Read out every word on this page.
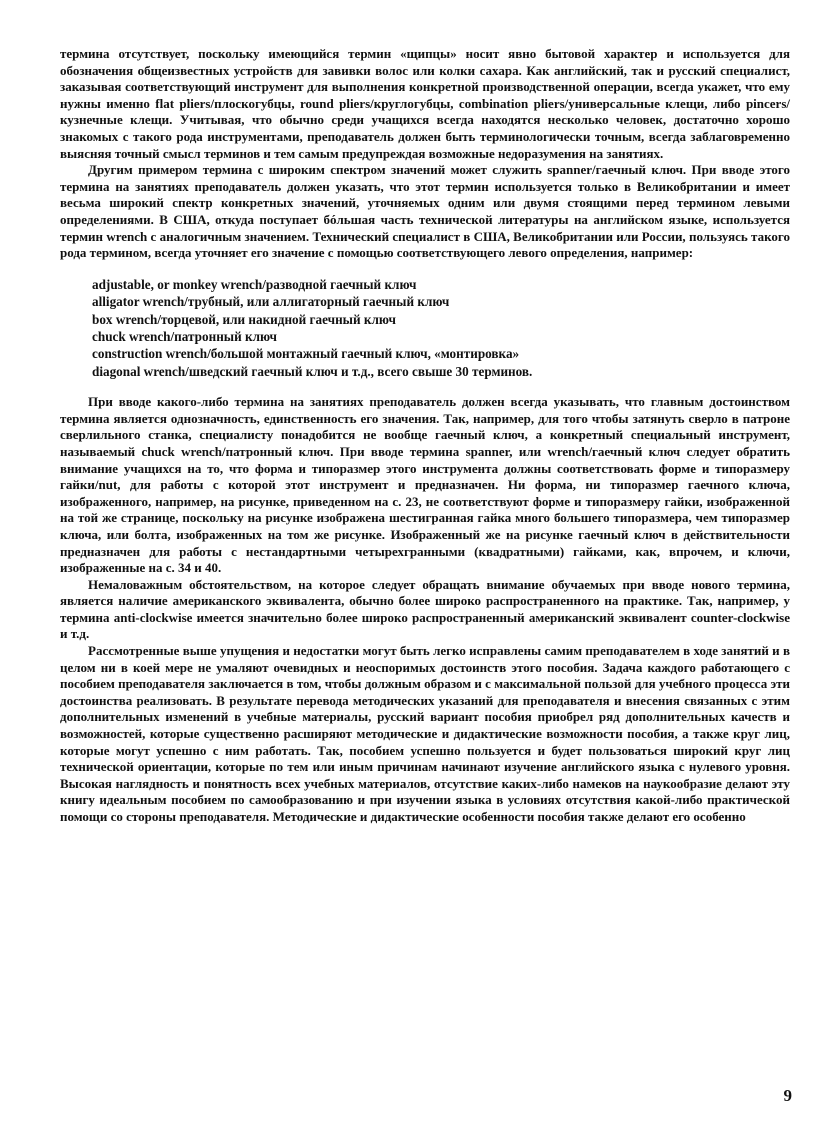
термина отсутствует, поскольку имеющийся термин «щипцы» носит явно бытовой характер и используется для обозначения общеизвестных устройств для завивки волос или колки сахара. Как английский, так и русский специалист, заказывая соответствующий инструмент для выполнения конкретной производственной операции, всегда укажет, что ему нужны именно flat pliers/плоскогубцы, round pliers/круглогубцы, combination pliers/универсальные клещи, либо pincers/кузнечные клещи. Учитывая, что обычно среди учащихся всегда находятся несколько человек, достаточно хорошо знакомых с такого рода инструментами, преподаватель должен быть терминологически точным, всегда заблаговременно выясняя точный смысл терминов и тем самым предупреждая возможные недоразумения на занятиях.

Другим примером термина с широким спектром значений может служить spanner/гаечный ключ. При вводе этого термина на занятиях преподаватель должен указать, что этот термин используется только в Великобритании и имеет весьма широкий спектр конкретных значений, уточняемых одним или двумя стоящими перед термином левыми определениями. В США, откуда поступает бóльшая часть технической литературы на английском языке, используется термин wrench с аналогичным значением. Технический специалист в США, Великобритании или России, пользуясь такого рода термином, всегда уточняет его значение с помощью соответствующего левого определения, например:

adjustable, or monkey wrench/разводной гаечный ключ
alligator wrench/трубный, или аллигаторный гаечный ключ
box wrench/торцевой, или накидной гаечный ключ
chuck wrench/патронный ключ
construction wrench/большой монтажный гаечный ключ, «монтировка»
diagonal wrench/шведский гаечный ключ и т.д., всего свыше 30 терминов.

При вводе какого-либо термина на занятиях преподаватель должен всегда указывать, что главным достоинством термина является однозначность, единственность его значения. Так, например, для того чтобы затянуть сверло в патроне сверлильного станка, специалисту понадобится не вообще гаечный ключ, а конкретный специальный инструмент, называемый chuck wrench/патронный ключ. При вводе термина spanner, или wrench/гаечный ключ следует обратить внимание учащихся на то, что форма и типоразмер этого инструмента должны соответствовать форме и типоразмеру гайки/nut, для работы с которой этот инструмент и предназначен. Ни форма, ни типоразмер гаечного ключа, изображенного, например, на рисунке, приведенном на с. 23, не соответствуют форме и типоразмеру гайки, изображенной на той же странице, поскольку на рисунке изображена шестигранная гайка много большего типоразмера, чем типоразмер ключа, или болта, изображенных на том же рисунке. Изображенный же на рисунке гаечный ключ в действительности предназначен для работы с нестандартными четырехгранными (квадратными) гайками, как, впрочем, и ключи, изображенные на с. 34 и 40.

Немаловажным обстоятельством, на которое следует обращать внимание обучаемых при вводе нового термина, является наличие американского эквивалента, обычно более широко распространенного на практике. Так, например, у термина anti-clockwise имеется значительно более широко распространенный американский эквивалент counter-clockwise и т.д.

Рассмотренные выше упущения и недостатки могут быть легко исправлены самим преподавателем в ходе занятий и в целом ни в коей мере не умаляют очевидных и неоспоримых достоинств этого пособия. Задача каждого работающего с пособием преподавателя заключается в том, чтобы должным образом и с максимальной пользой для учебного процесса эти достоинства реализовать. В результате перевода методических указаний для преподавателя и внесения связанных с этим дополнительных изменений в учебные материалы, русский вариант пособия приобрел ряд дополнительных качеств и возможностей, которые существенно расширяют методические и дидактические возможности пособия, а также круг лиц, которые могут успешно с ним работать. Так, пособием успешно пользуется и будет пользоваться широкий круг лиц технической ориентации, которые по тем или иным причинам начинают изучение английского языка с нулевого уровня. Высокая наглядность и понятность всех учебных материалов, отсутствие каких-либо намеков на наукообразие делают эту книгу идеальным пособием по самообразованию и при изучении языка в условиях отсутствия какой-либо практической помощи со стороны преподавателя. Методические и дидактические особенности пособия также делают его особенно

9
